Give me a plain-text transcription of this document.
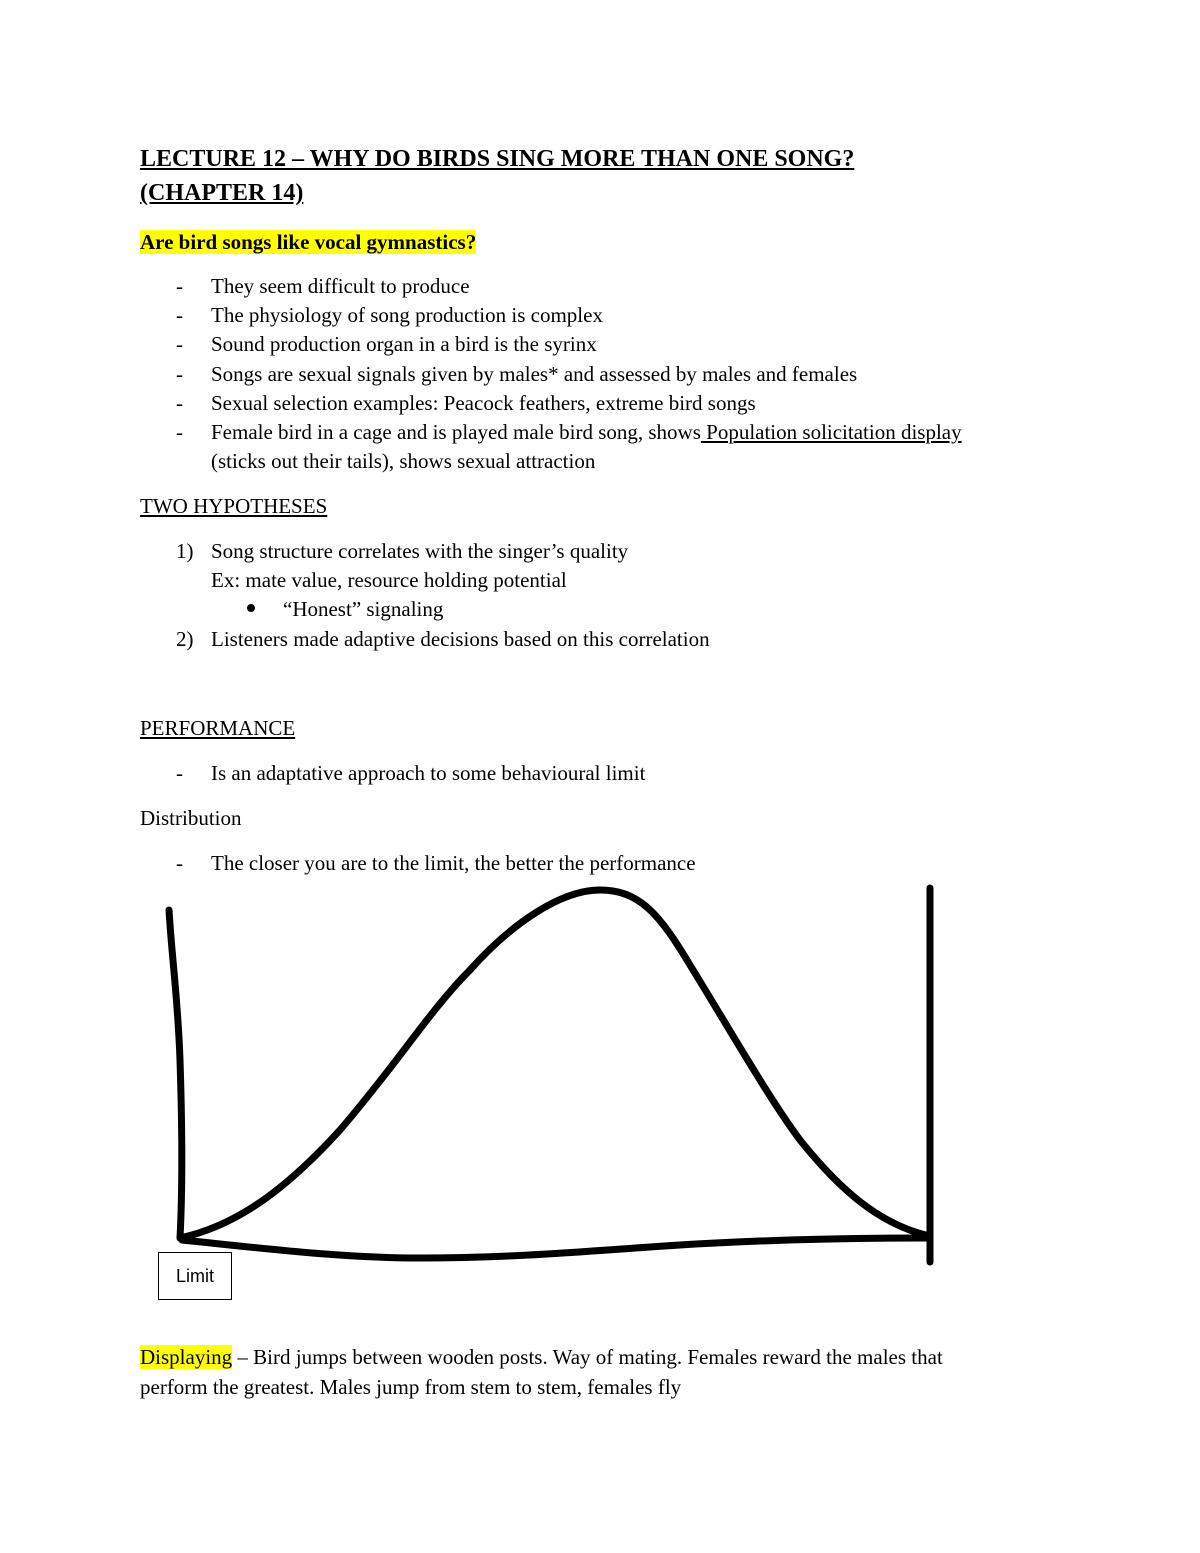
LECTURE 12 – WHY DO BIRDS SING MORE THAN ONE SONG?
(CHAPTER 14)
Are bird songs like vocal gymnastics?
- They seem difficult to produce
- The physiology of song production is complex
- Sound production organ in a bird is the syrinx
- Songs are sexual signals given by males* and assessed by males and females
- Sexual selection examples: Peacock feathers, extreme bird songs
- Female bird in a cage and is played male bird song, shows Population solicitation display
(sticks out their tails), shows sexual attraction
TWO HYPOTHESES
1) Song structure correlates with the singer’s quality
Ex: mate value, resource holding potential
“Honest” signaling
2) Listeners made adaptive decisions based on this correlation
PERFORMANCE
- Is an adaptative approach to some behavioural limit
Distribution
- The closer you are to the limit, the better the performance
Limit
Displaying – Bird jumps between wooden posts. Way of mating. Females reward the males that
perform the greatest. Males jump from stem to stem, females fly
